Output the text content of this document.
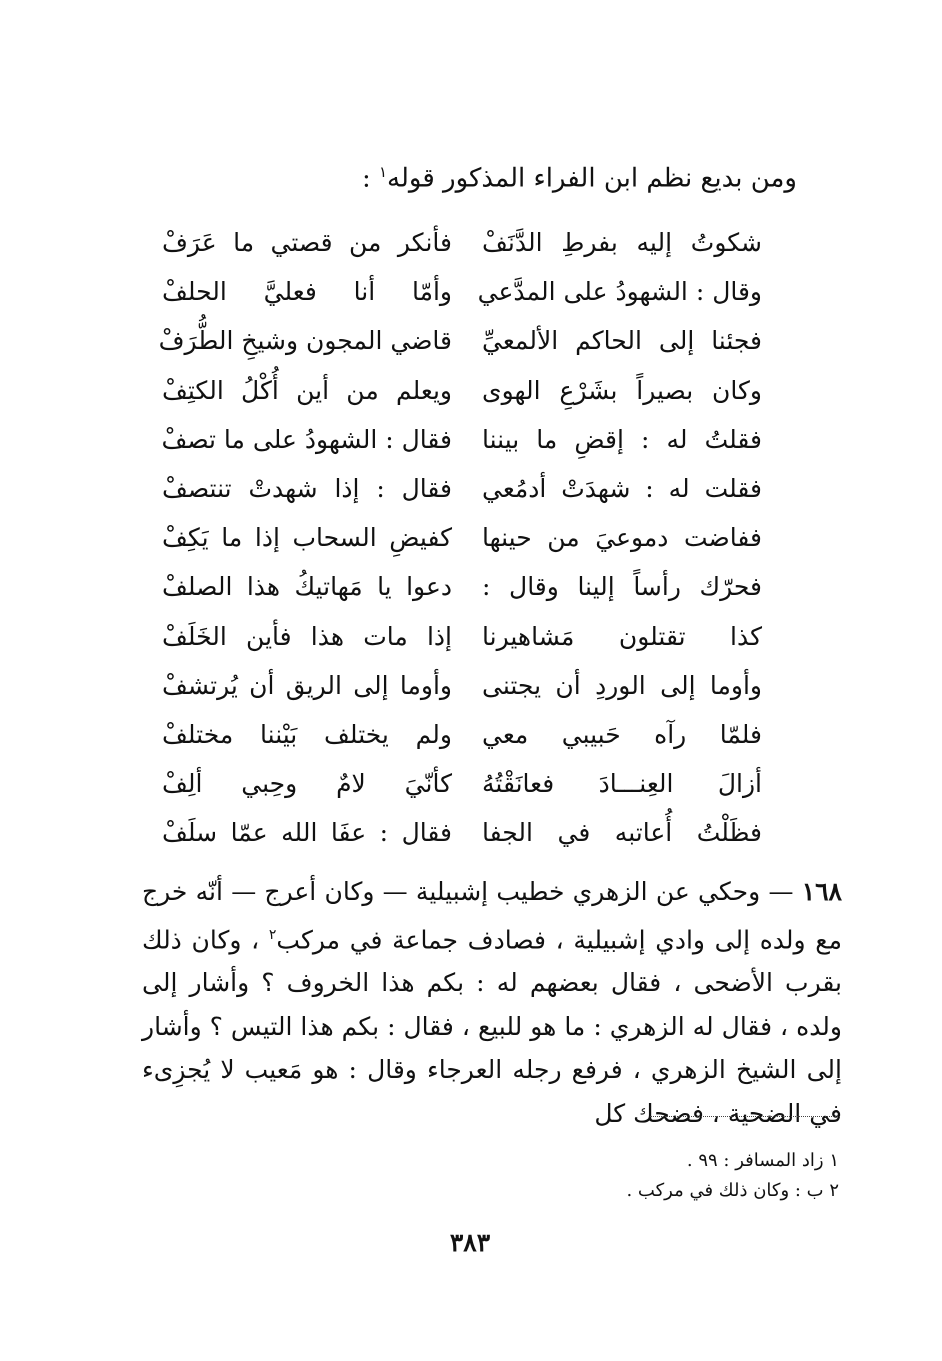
ومن بديع نظم ابن الفراء المذكور قوله$^١$ :
شكوتُ إليه بفرطِ الدَّنَفْ
فأنكر من قصتي ما عَرَفْ
وقال : الشهودُ على المدَّعي
وأمّا أنا فعليَّ الحلفْ
فجئنا إلى الحاكم الألمعيِّ
قاضي المجون وشيخِ الطُّرَفْ
وكان بصيراً بشَرْعِ الهوى
ويعلم من أين أُكْلُ الكتِفْ
فقلتُ له : إقضِ ما بيننا
فقال : الشهودُ على ما تصفْ
فقلت له : شهدَتْ أدمُعي
فقال : إذا شهدتْ تنتصفْ
ففاضت دموعيَ من حينها
كفيضِ السحاب إذا ما يَكِفْ
فحرّك رأساً إلينا وقال :
دعوا يا مَهاتيكُ هذا الصلفْ
كذا تقتلون مَشاهيرنا
إذا مات هذا فأين الخَلَفْ
وأوما إلى الوردِ أن يجتنى
وأوما إلى الريق أن يُرتشفْ
فلمّا رآه حَبيبي معي
ولم يختلف بَيْننا مختلفْ
أزالَ العِنـــادَ فعانَقْتُهُ
كأنّيَ لامٌ وحِبي ألِفْ
فظَلْتُ أُعاتبه في الجفا
فقال : عفَا الله عمّا سلَفْ
١٦٨ — وحكي عن الزهري خطيب إشبيلية — وكان أعرج — أنّه خرج مع ولده إلى وادي إشبيلية ، فصادف جماعة في مركب$^٢$ ، وكان ذلك بقرب الأضحى ، فقال بعضهم له : بكم هذا الخروف ؟ وأشار إلى ولده ، فقال له الزهري : ما هو للبيع ، فقال : بكم هذا التيس ؟ وأشار إلى الشيخ الزهري ، فرفع رجله العرجاء وقال : هو مَعيب لا يُجزِىء في الضحية ، فضحك كل
١ زاد المسافر : ٩٩ .
٢ ب : وكان ذلك في مركب .
٣٨٣
